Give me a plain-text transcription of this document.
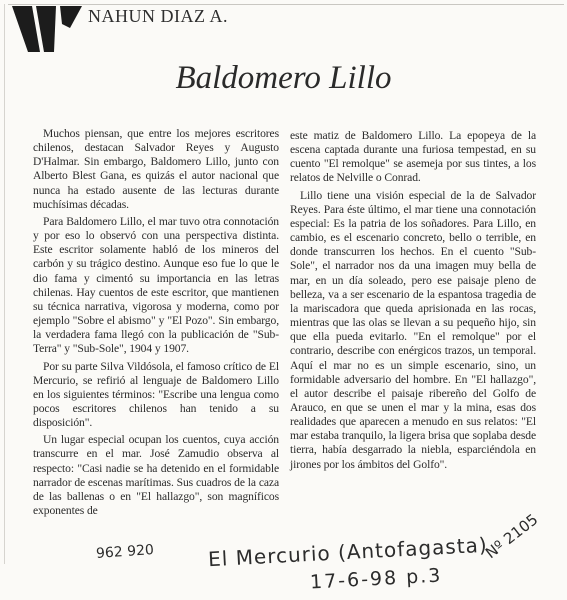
NAHUN DIAZ A.
Baldomero Lillo

Muchos piensan, que entre los mejores escritores chilenos, destacan Salvador Reyes y Augusto D'Halmar. Sin embargo, Baldomero Lillo, junto con Alberto Blest Gana, es quizás el autor nacional que nunca ha estado ausente de las lecturas durante muchísimas décadas.

Para Baldomero Lillo, el mar tuvo otra connotación y por eso lo observó con una perspectiva distinta. Este escritor solamente habló de los mineros del carbón y su trágico destino. Aunque eso fue lo que le dio fama y cimentó su importancia en las letras chilenas. Hay cuentos de este escritor, que mantienen su técnica narrativa, vigorosa y moderna, como por ejemplo "Sobre el abismo" y "El Pozo". Sin embargo, la verdadera fama llegó con la publicación de "Sub-Terra" y "Sub-Sole", 1904 y 1907.

Por su parte Silva Vildósola, el famoso crítico de El Mercurio, se refirió al lenguaje de Baldomero Lillo en los siguientes términos: "Escribe una lengua como pocos escritores chilenos han tenido a su disposición".

Un lugar especial ocupan los cuentos, cuya acción transcurre en el mar. José Zamudio observa al respecto: "Casi nadie se ha detenido en el formidable narrador de escenas marítimas. Sus cuadros de la caza de las ballenas o en "El hallazgo", son magníficos exponentes de

este matiz de Baldomero Lillo. La epopeya de la escena captada durante una furiosa tempestad, en su cuento "El remolque" se asemeja por sus tintes, a los relatos de Nelville o Conrad.

Lillo tiene una visión especial de la de Salvador Reyes. Para éste último, el mar tiene una connotación especial: Es la patria de los soñadores. Para Lillo, en cambio, es el escenario concreto, bello o terrible, en donde transcurren los hechos. En el cuento "Sub-Sole", el narrador nos da una imagen muy bella de mar, en un día soleado, pero ese paisaje pleno de belleza, va a ser escenario de la espantosa tragedia de la mariscadora que queda aprisionada en las rocas, mientras que las olas se llevan a su pequeño hijo, sin que ella pueda evitarlo. "En el remolque" por el contrario, describe con enérgicos trazos, un temporal. Aquí el mar no es un simple escenario, sino, un formidable adversario del hombre. En "El hallazgo", el autor describe el paisaje ribereño del Golfo de Arauco, en que se unen el mar y la mina, esas dos realidades que aparecen a menudo en sus relatos: "El mar estaba tranquilo, la ligera brisa que soplaba desde tierra, había desgarrado la niebla, esparciéndola en jirones por los ámbitos del Golfo".

962 920	El Mercurio (Antofagasta)
17-6-98 p.3
Nº 2105
